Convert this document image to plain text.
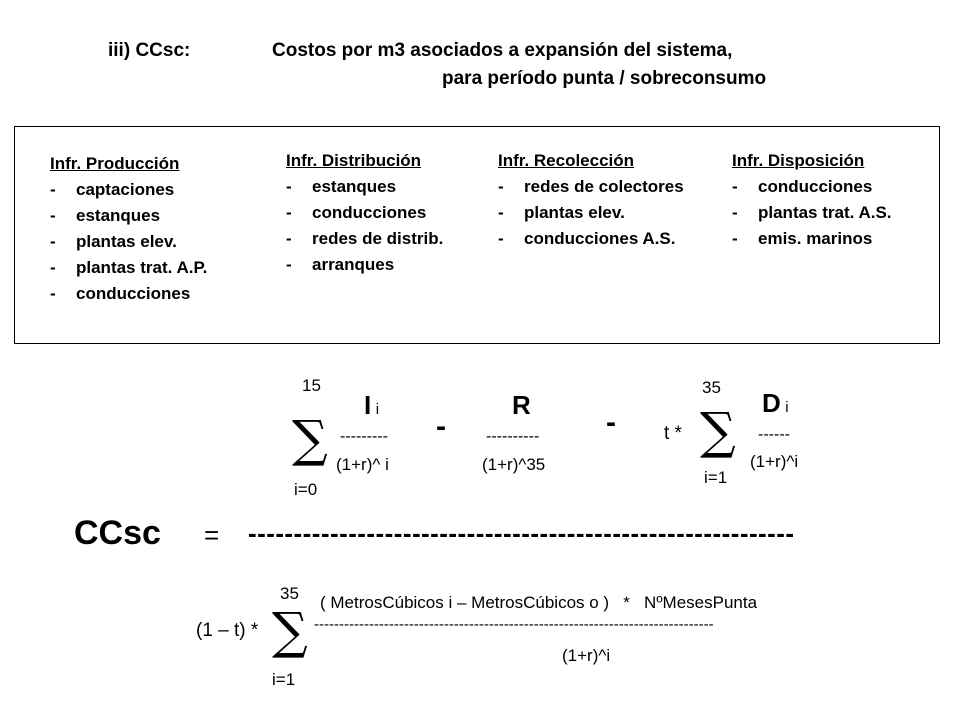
iii) CCsc:	Costos por m3 asociados a expansión del sistema,
para período punta / sobreconsumo
Infr. Producción
-	captaciones
-	estanques
-	plantas elev.
-	plantas trat. A.P.
-	conducciones
Infr. Distribución
-	estanques
-	conducciones
-	redes de distrib.
-	arranques
Infr. Recolección
-	redes de colectores
-	plantas elev.
-	conducciones A.S.
Infr. Disposición
-	conducciones
-	plantas trat. A.S.
-	emis. marinos
15
∑
i=0
I i
---------
(1+r)^ i
-
R
----------
(1+r)^35
-	t *
35
∑
i=1
D i
------
(1+r)^i
CCsc = ------------------------------------------------------------
(1 – t) *
35
∑
i=1
( MetrosCúbicos i – MetrosCúbicos o )   *   NºMesesPunta
--------------------------------------------------------------------------------
(1+r)^i
